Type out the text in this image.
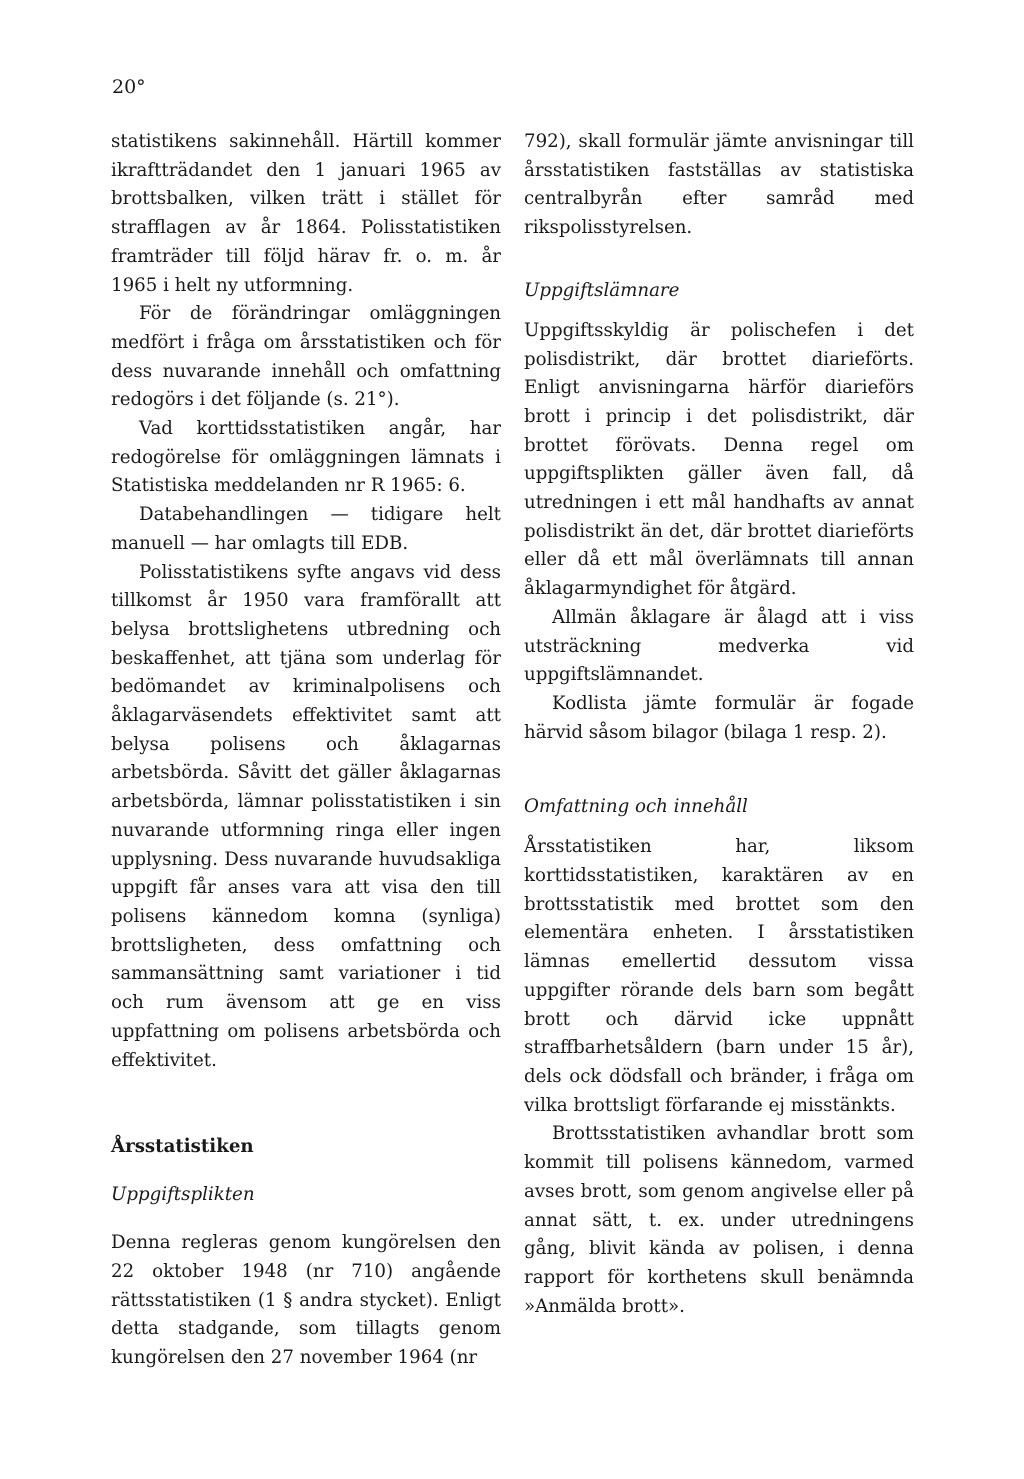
20°

statistikens sakinnehåll. Härtill kommer ikraftträdandet den 1 januari 1965 av brottsbalken, vilken trätt i stället för strafflagen av år 1864. Polisstatistiken framträder till följd härav fr. o. m. år 1965 i helt ny utformning.

För de förändringar omläggningen medfört i fråga om årsstatistiken och för dess nuvarande innehåll och omfattning redogörs i det följande (s. 21°).

Vad korttidsstatistiken angår, har redogörelse för omläggningen lämnats i Statistiska meddelanden nr R 1965: 6.

Databehandlingen — tidigare helt manuell — har omlagts till EDB.

Polisstatistikens syfte angavs vid dess tillkomst år 1950 vara framförallt att belysa brottslighetens utbredning och beskaffenhet, att tjäna som underlag för bedömandet av kriminalpolisens och åklagarväsendets effektivitet samt att belysa polisens och åklagarnas arbetsbörda. Såvitt det gäller åklagarnas arbetsbörda, lämnar polisstatistiken i sin nuvarande utformning ringa eller ingen upplysning. Dess nuvarande huvudsakliga uppgift får anses vara att visa den till polisens kännedom komna (synliga) brottsligheten, dess omfattning och sammansättning samt variationer i tid och rum ävensom att ge en viss uppfattning om polisens arbetsbörda och effektivitet.

Årsstatistiken
Uppgiftsplikten

Denna regleras genom kungörelsen den 22 oktober 1948 (nr 710) angående rättsstatistiken (1 § andra stycket). Enligt detta stadgande, som tillagts genom kungörelsen den 27 november 1964 (nr

792), skall formulär jämte anvisningar till årsstatistiken fastställas av statistiska centralbyrån efter samråd med rikspolisstyrelsen.

Uppgiftslämnare

Uppgiftsskyldig är polischefen i det polisdistrikt, där brottet diarieförts. Enligt anvisningarna härför diarieförs brott i princip i det polisdistrikt, där brottet förövats. Denna regel om uppgiftsplikten gäller även fall, då utredningen i ett mål handhafts av annat polisdistrikt än det, där brottet diarieförts eller då ett mål överlämnats till annan åklagarmyndighet för åtgärd.

Allmän åklagare är ålagd att i viss utsträckning medverka vid uppgiftslämnandet.

Kodlista jämte formulär är fogade härvid såsom bilagor (bilaga 1 resp. 2).

Omfattning och innehåll

Årsstatistiken har, liksom korttidsstatistiken, karaktären av en brottsstatistik med brottet som den elementära enheten. I årsstatistiken lämnas emellertid dessutom vissa uppgifter rörande dels barn som begått brott och därvid icke uppnått straffbarhetsåldern (barn under 15 år), dels ock dödsfall och bränder, i fråga om vilka brottsligt förfarande ej misstänkts.

Brottsstatistiken avhandlar brott som kommit till polisens kännedom, varmed avses brott, som genom angivelse eller på annat sätt, t. ex. under utredningens gång, blivit kända av polisen, i denna rapport för korthetens skull benämnda »Anmälda brott».
